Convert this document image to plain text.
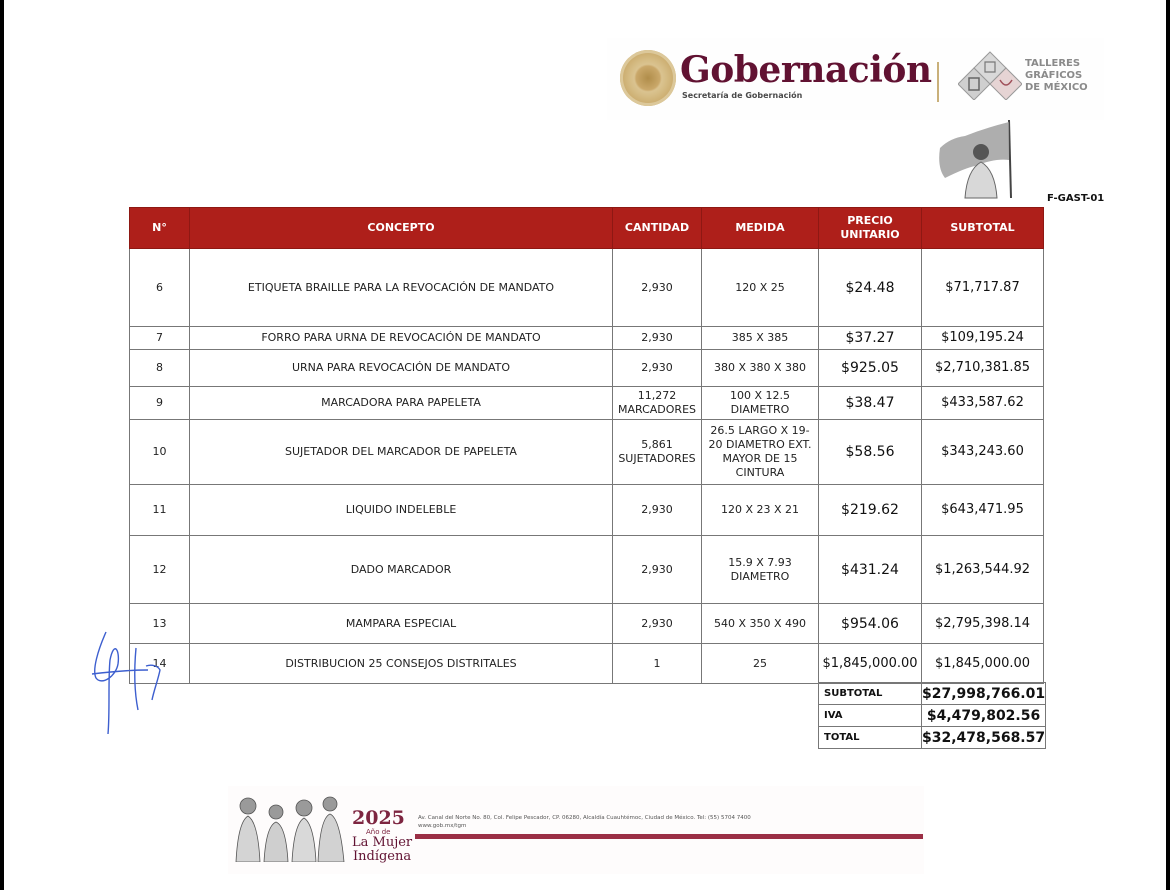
Gobernación
Secretaría de Gobernación
TALLERES
GRÁFICOS
DE MÉXICO
F-GAST-01
N°	CONCEPTO	CANTIDAD	MEDIDA	PRECIO UNITARIO	SUBTOTAL
6	ETIQUETA BRAILLE PARA LA REVOCACIÓN DE MANDATO	2,930	120 X 25	$24.48	$71,717.87
7	FORRO PARA URNA DE REVOCACIÓN DE MANDATO	2,930	385 X 385	$37.27	$109,195.24
8	URNA PARA REVOCACIÓN DE MANDATO	2,930	380 X 380 X 380	$925.05	$2,710,381.85
9	MARCADORA PARA PAPELETA	11,272 MARCADORES	100 X 12.5 DIAMETRO	$38.47	$433,587.62
10	SUJETADOR DEL MARCADOR DE PAPELETA	5,861 SUJETADORES	26.5 LARGO X 19-20 DIAMETRO EXT. MAYOR DE 15 CINTURA	$58.56	$343,243.60
11	LIQUIDO INDELEBLE	2,930	120 X 23 X 21	$219.62	$643,471.95
12	DADO MARCADOR	2,930	15.9 X 7.93 DIAMETRO	$431.24	$1,263,544.92
13	MAMPARA ESPECIAL	2,930	540 X 350 X 490	$954.06	$2,795,398.14
14	DISTRIBUCION 25 CONSEJOS DISTRITALES	1	25	$1,845,000.00	$1,845,000.00
SUBTOTAL	$27,998,766.01
IVA	$4,479,802.56
TOTAL	$32,478,568.57
2025
Año de
La Mujer
Indígena
Av. Canal del Norte No. 80, Col. Felipe Pescador, CP. 06280, Alcaldía Cuauhtémoc, Ciudad de México. Tel: (55) 5704 7400
www.gob.mx/tgm
